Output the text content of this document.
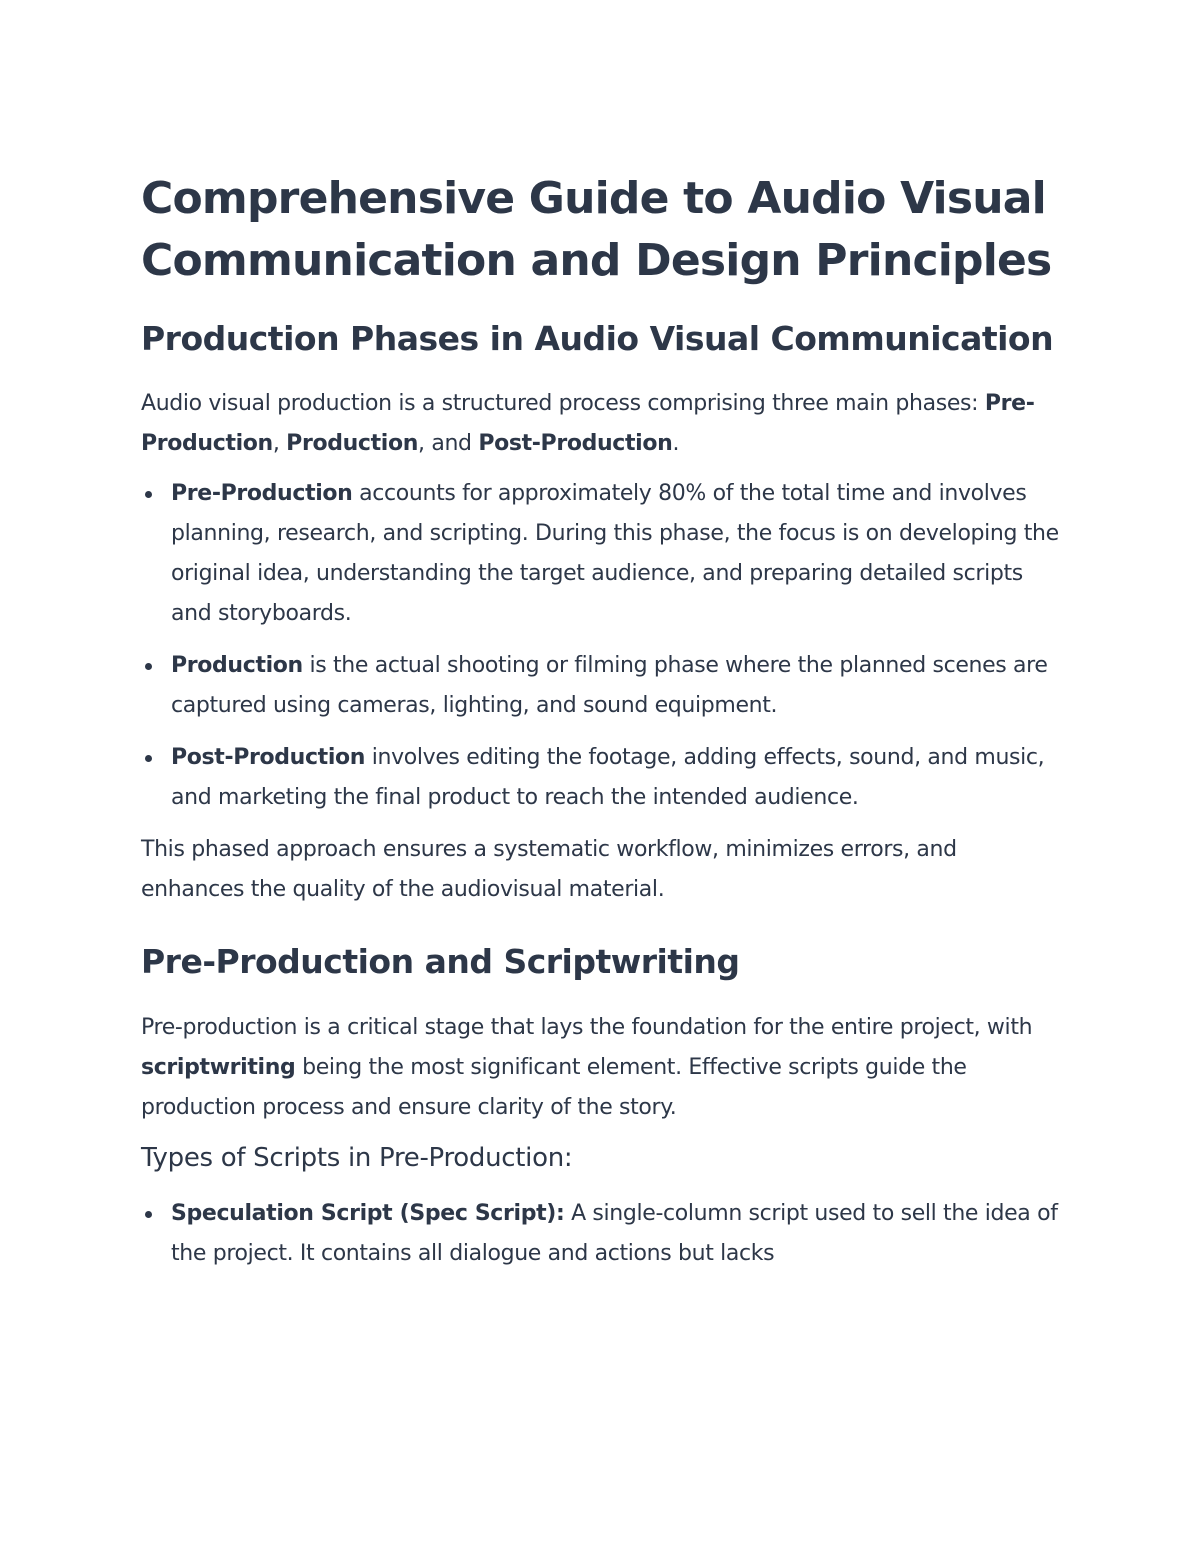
Comprehensive Guide to Audio Visual Communication and Design Principles
Production Phases in Audio Visual Communication

Audio visual production is a structured process comprising three main phases: Pre-Production, Production, and Post-Production.

Pre-Production accounts for approximately 80% of the total time and involves planning, research, and scripting. During this phase, the focus is on developing the original idea, understanding the target audience, and preparing detailed scripts and storyboards.
Production is the actual shooting or filming phase where the planned scenes are captured using cameras, lighting, and sound equipment.
Post-Production involves editing the footage, adding effects, sound, and music, and marketing the final product to reach the intended audience.

This phased approach ensures a systematic workflow, minimizes errors, and enhances the quality of the audiovisual material.

Pre-Production and Scriptwriting

Pre-production is a critical stage that lays the foundation for the entire project, with scriptwriting being the most significant element. Effective scripts guide the production process and ensure clarity of the story.

Types of Scripts in Pre-Production:
Speculation Script (Spec Script): A single-column script used to sell the idea of the project. It contains all dialogue and actions but lacks
